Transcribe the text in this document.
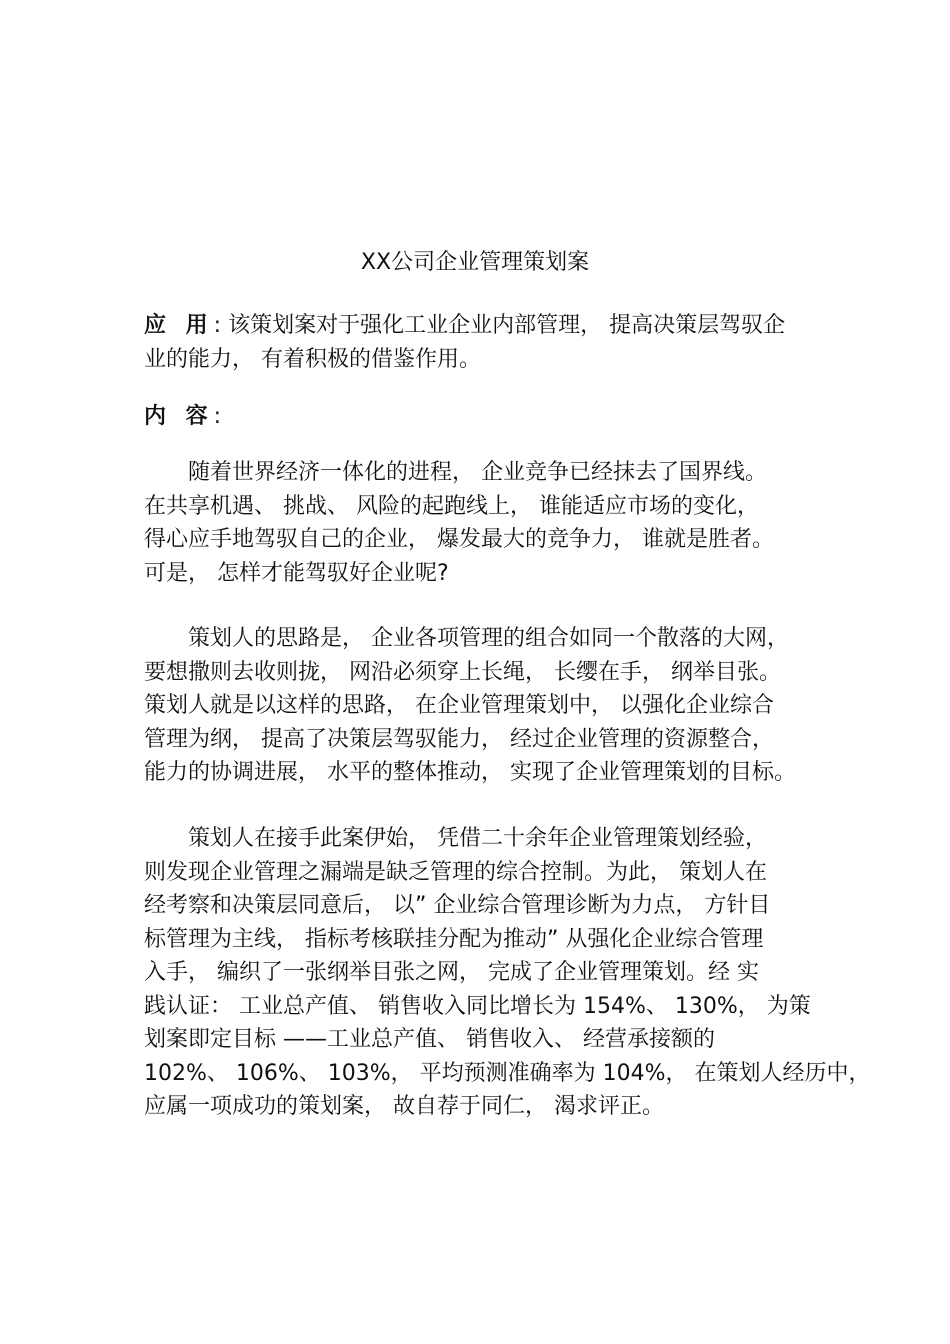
XX公司企业管理策划案
应 用: 该策划案对于强化工业企业内部管理， 提高决策层驾驭企
业的能力， 有着积极的借鉴作用。
内 容:
随着世界经济一体化的进程， 企业竞争已经抹去了国界线。
在共享机遇、 挑战、 风险的起跑线上， 谁能适应市场的变化，
得心应手地驾驭自己的企业， 爆发最大的竞争力， 谁就是胜者。
可是， 怎样才能驾驭好企业呢?
策划人的思路是， 企业各项管理的组合如同一个散落的大网，
要想撒则去收则拢， 网沿必须穿上长绳， 长缨在手， 纲举目张。
策划人就是以这样的思路， 在企业管理策划中， 以强化企业综合
管理为纲， 提高了决策层驾驭能力， 经过企业管理的资源整合，
能力的协调进展， 水平的整体推动， 实现了企业管理策划的目标。
策划人在接手此案伊始， 凭借二十余年企业管理策划经验，
则发现企业管理之漏端是缺乏管理的综合控制。为此， 策划人在
经考察和决策层同意后， 以” 企业综合管理诊断为力点， 方针目
标管理为主线， 指标考核联挂分配为推动” 从强化企业综合管理
入手， 编织了一张纲举目张之网， 完成了企业管理策划。经 实
践认证： 工业总产值、 销售收入同比增长为 154%、 130%， 为策
划案即定目标 ——工业总产值、 销售收入、 经营承接额的
102%、 106%、 103%， 平均预测准确率为 104%， 在策划人经历中，
应属一项成功的策划案， 故自荐于同仁， 渴求评正。
